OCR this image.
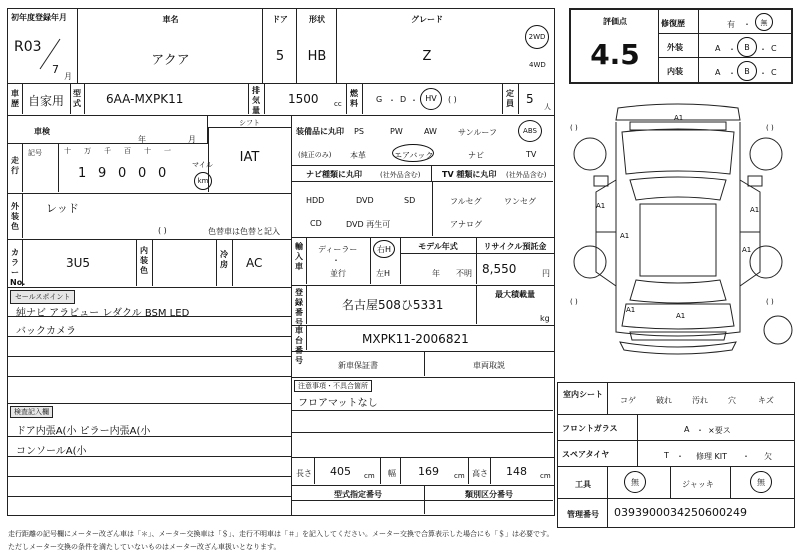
初年度登録年月
R03
7
月
車名
アクア
ドア
5
形状
HB
グレード
Z
2WD
4WD
車歴 自家用
型式 6AA-MXPK11
排気量
1500 cc
燃料 G ・ D ・ HV	( )
定員 5
人
車検
年	月
シフト
IAT
走行
記号	十 万 千 百 十 一
1 9 0 0 0
マイル
km
装備品に丸印
(純正のみ)
PS	PW	AW	サンルーフ	ABS
本革	エアバック	ナビ	TV
ナビ種類に丸印	(社外品含む)	TV 種類に丸印 (社外品含む)
HDD	DVD	SD
CD	DVD 再生可
フルセグ	ワンセグ
アナログ
外装色
レッド
( )	色替車は色替と記入
カラーNo.
3U5
内装色
冷房 AC
輸入車
ディーラー
・
並行
右H
左H
モデル年式
年 不明
リサイクル預託金
8,550	円
セールスポイント
純ナビ アラビュー レダクル BSM LED
バックカメラ
登録番号
名古屋508ひ5331
最大積載量
kg
車台番号
MXPK11-2006821
新車保証書	車両取説
注意事項・不具合箇所
フロアマットなし
検査記入欄
ドア内張A(小 ピラー内張A(小
コンソールA(小
長さ 405 cm 幅 169 cm 高さ 148 cm
型式指定番号	類別区分番号
評価点
4.5
修復歴	有 ・	無
外装	A ・	B	・ C
内装	A ・	B	・ C
( )	( )
( )	( )
A1
A1
A1
A1
A1
A1
A1
室内シート
コゲ	破れ	汚れ	穴	キズ
フロントガラス	A ・ ×要ス
スペアタイヤ	T ・ 修理 KIT ・ 欠
工具	無	ジャッキ	無
管理番号	0393900034250600249
走行距離の記号欄にメーター改ざん車は「＊」、メーター交換車は「＄」、走行不明車は「＃」を記入してください。メーター交換で合算表示した場合にも「＄」は必要です。
ただしメーター交換の条件を満たしていないものはメーター改ざん車扱いとなります。
